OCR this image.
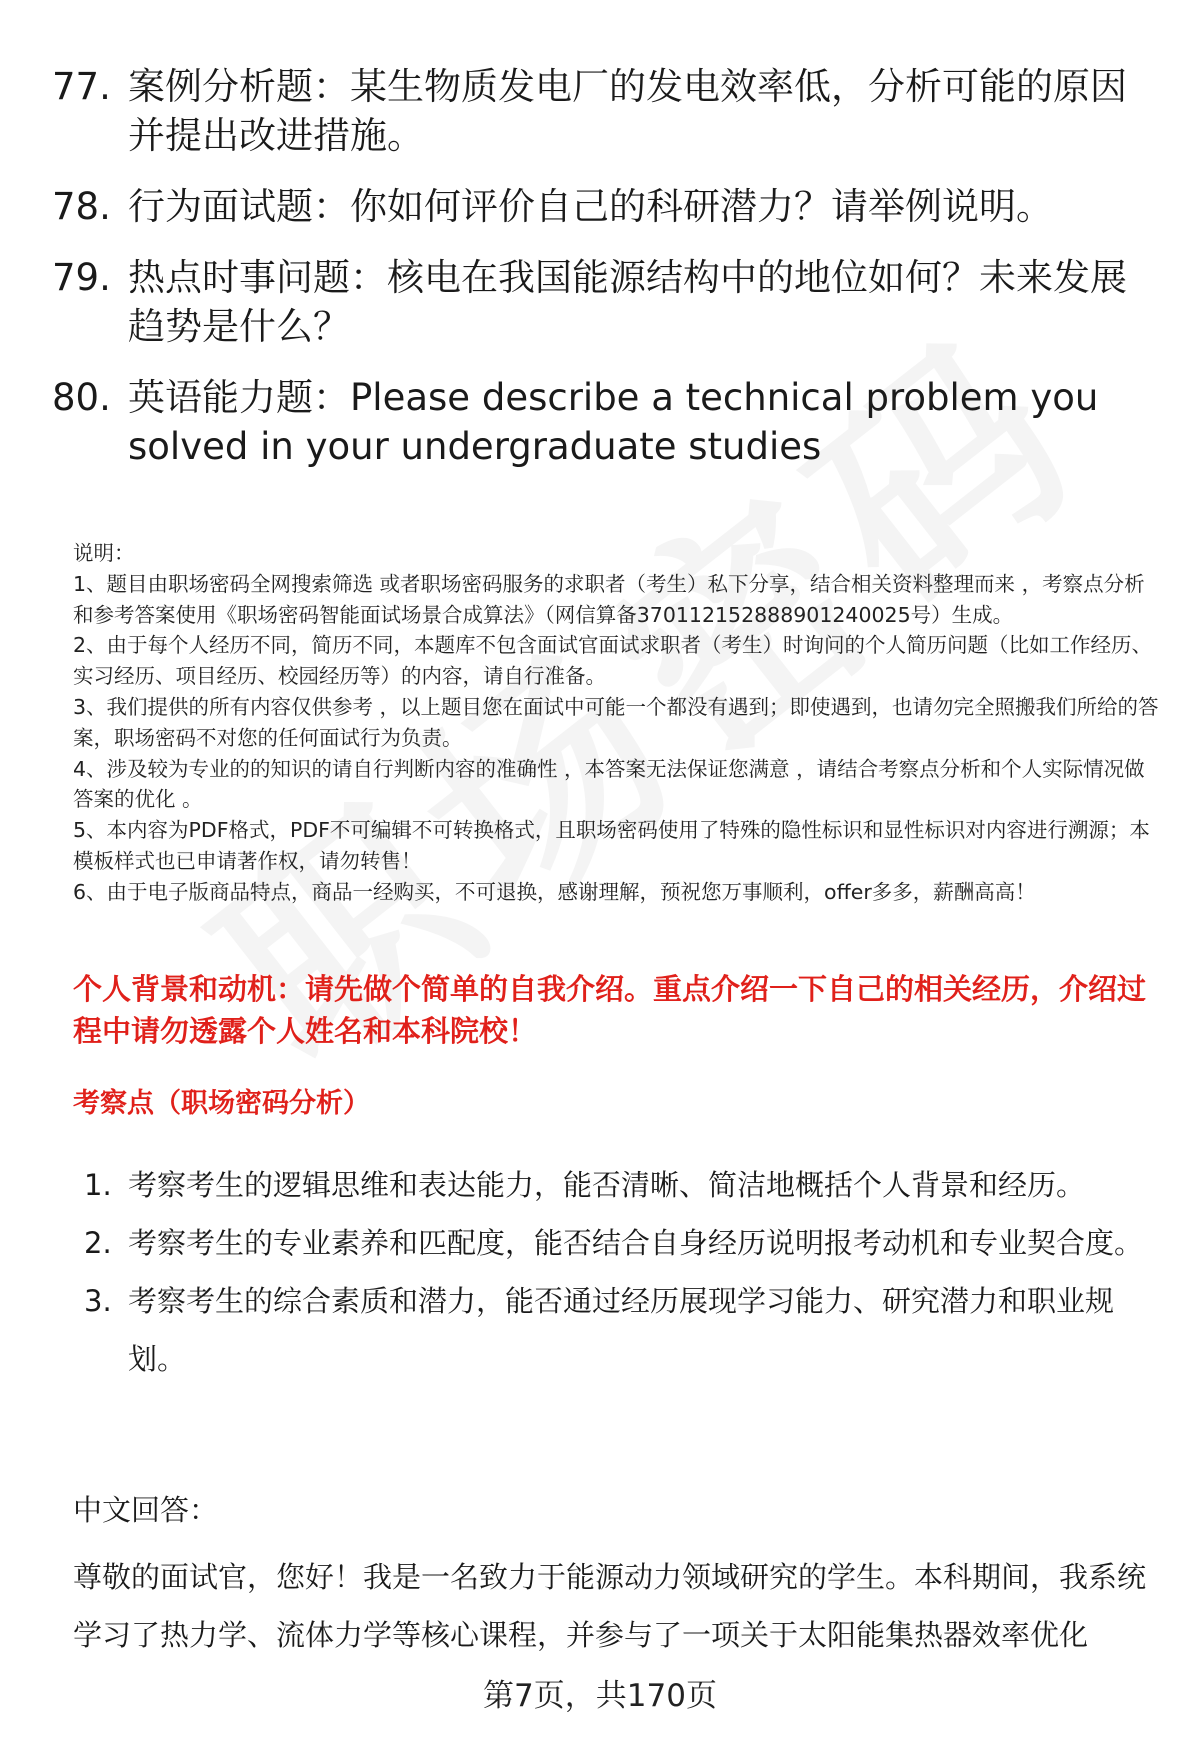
77. 案例分析题：某生物质发电厂的发电效率低，分析可能的原因并提出改进措施。
78. 行为面试题：你如何评价自己的科研潜力？请举例说明。
79. 热点时事问题：核电在我国能源结构中的地位如何？未来发展趋势是什么？
80. 英语能力题：Please describe a technical problem you solved in your undergraduate studies

说明：

1、题目由职场密码全网搜索筛选 或者职场密码服务的求职者（考生）私下分享，结合相关资料整理而来 ，考察点分析和参考答案使用《职场密码智能面试场景合成算法》（网信算备370112152888901240025号）生成。

2、由于每个人经历不同，简历不同，本题库不包含面试官面试求职者（考生）时询问的个人简历问题（比如工作经历、实习经历、项目经历、校园经历等）的内容，请自行准备。

3、我们提供的所有内容仅供参考 ，以上题目您在面试中可能一个都没有遇到；即使遇到，也请勿完全照搬我们所给的答案，职场密码不对您的任何面试行为负责。

4、涉及较为专业的的知识的请自行判断内容的准确性 ，本答案无法保证您满意 ，请结合考察点分析和个人实际情况做答案的优化 。

5、本内容为PDF格式，PDF不可编辑不可转换格式，且职场密码使用了特殊的隐性标识和显性标识对内容进行溯源；本模板样式也已申请著作权，请勿转售！

6、由于电子版商品特点，商品一经购买，不可退换，感谢理解，预祝您万事顺利，offer多多，薪酬高高！

个人背景和动机：请先做个简单的自我介绍。重点介绍一下自己的相关经历，介绍过程中请勿透露个人姓名和本科院校！
考察点（职场密码分析）
1. 考察考生的逻辑思维和表达能力，能否清晰、简洁地概括个人背景和经历。
2. 考察考生的专业素养和匹配度，能否结合自身经历说明报考动机和专业契合度。
3. 考察考生的综合素质和潜力，能否通过经历展现学习能力、研究潜力和职业规划。
中文回答：
尊敬的面试官，您好！我是一名致力于能源动力领域研究的学生。本科期间，我系统学习了热力学、流体力学等核心课程，并参与了一项关于太阳能集热器效率优化
第7页，共170页
